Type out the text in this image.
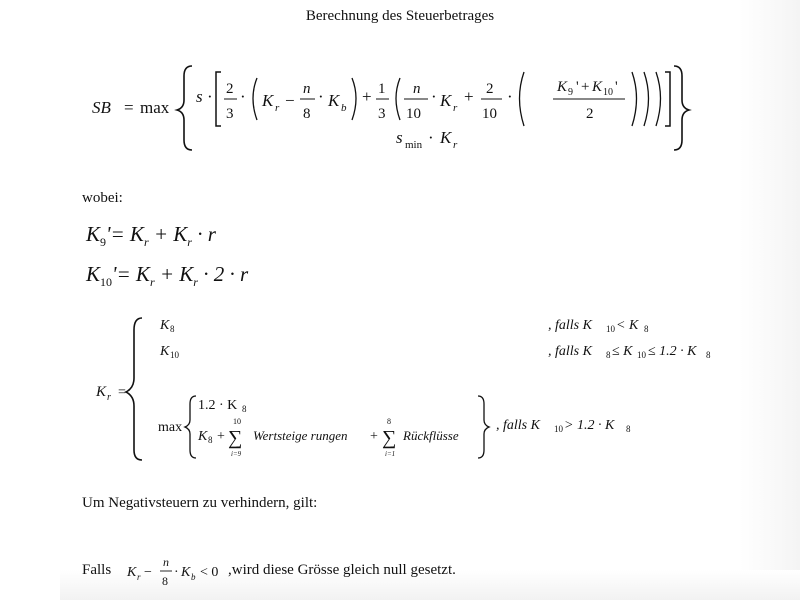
Berechnung des Steuerbetrages
SB = max
s · 2
3
· K r −
n
8
· K b
+ 1
3
n
10
· K r
+ 2
10
·	K 9 ' + K 10 '
2
s min · K r
wobei:
$K_9'= K_r + K_r \cdot r$
$K_{10}'= K_r + K_r \cdot 2 \cdot r$
K r =
K 8	, falls K 10 < K 8
K 10	, falls K 8 ≤ K 10 ≤ 1.2 · K 8
max
1.2 · K 8
K 8 + ∑
10
i=9
Wertsteige rungen + ∑
8
i=1
Rückflüsse
, falls K 10 > 1.2 · K 8
Um Negativsteuern zu verhindern, gilt:
Falls K r −
n
8
· K b < 0 ,wird diese Grösse gleich null gesetzt.
